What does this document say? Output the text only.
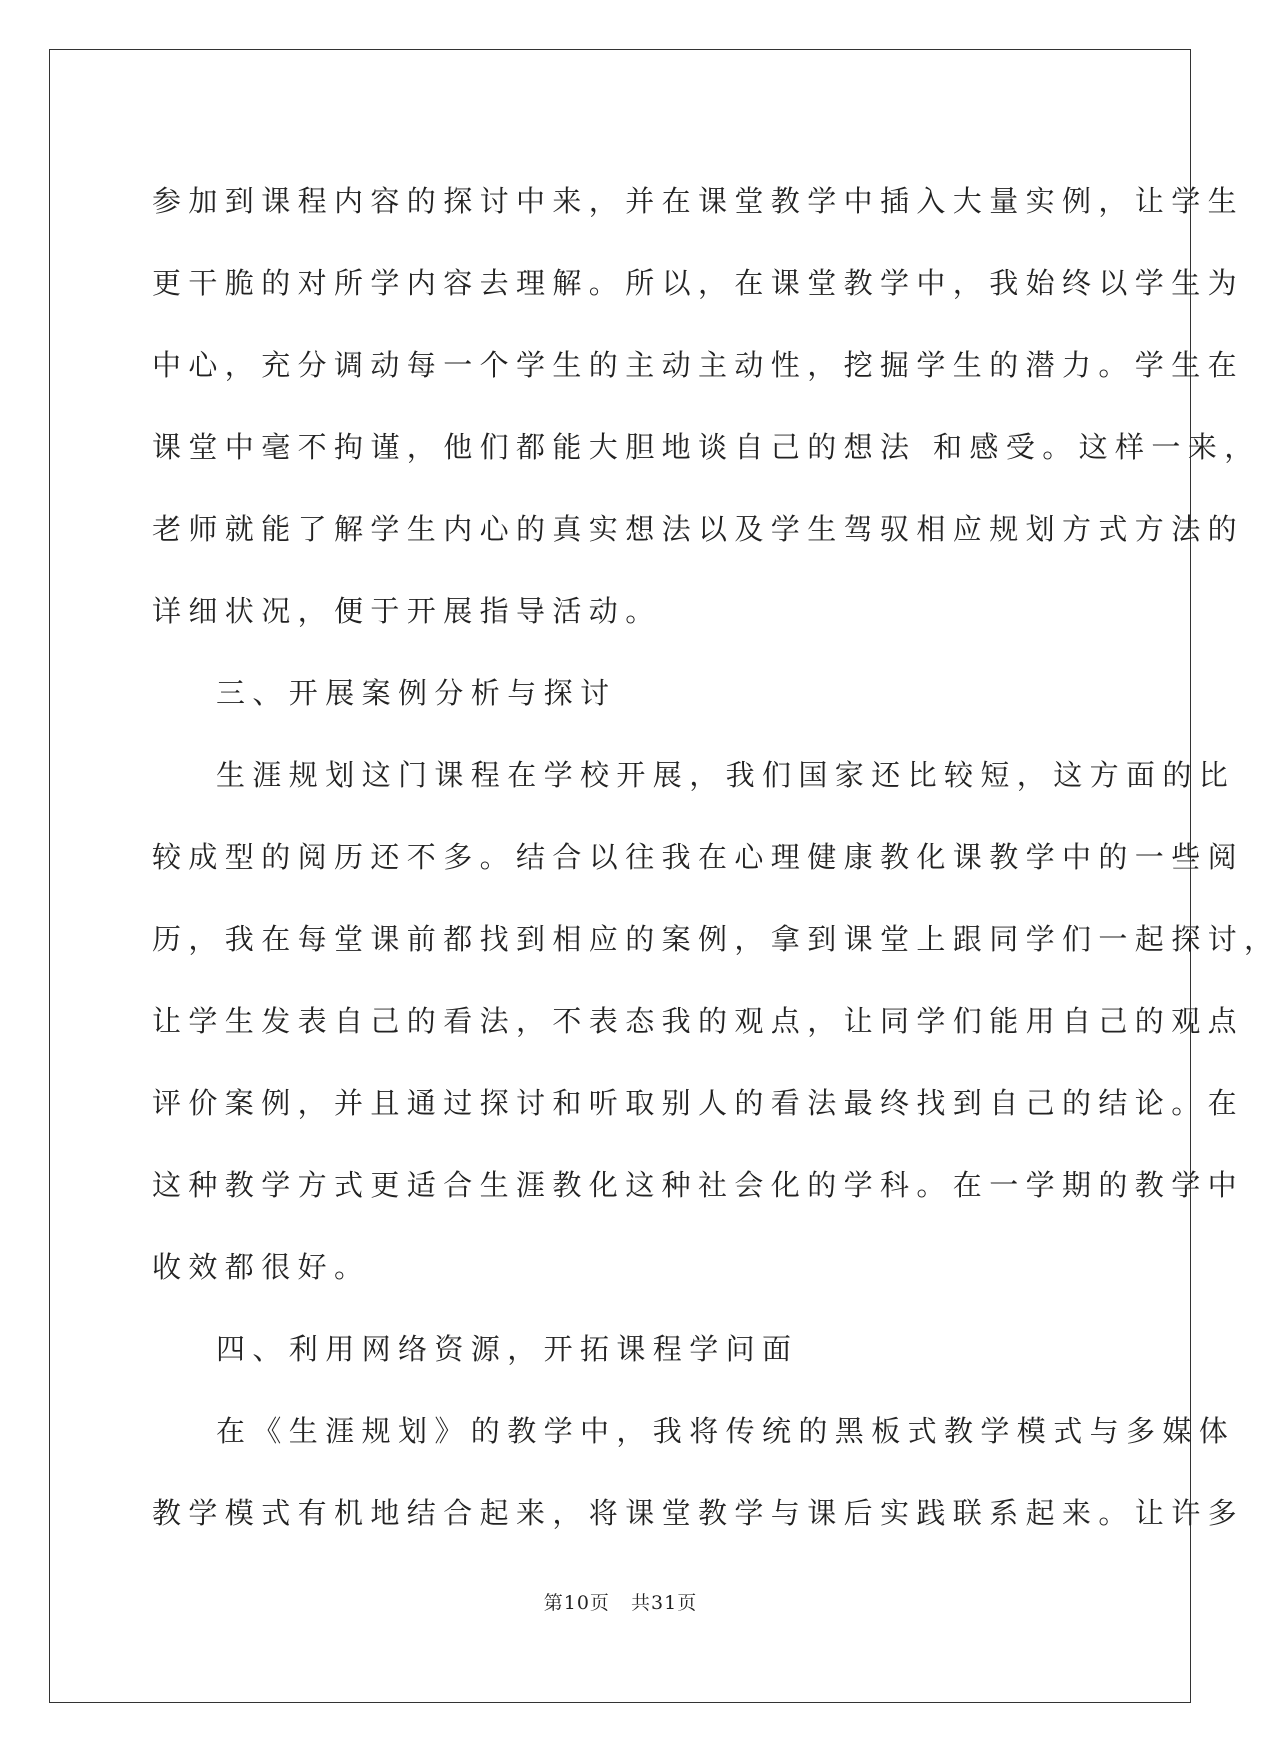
参加到课程内容的探讨中来，并在课堂教学中插入大量实例，让学生
更干脆的对所学内容去理解。所以，在课堂教学中，我始终以学生为
中心，充分调动每一个学生的主动主动性，挖掘学生的潜力。学生在
课堂中毫不拘谨，他们都能大胆地谈自己的想法 和感受。这样一来，
老师就能了解学生内心的真实想法以及学生驾驭相应规划方式方法的
详细状况，便于开展指导活动。
三、开展案例分析与探讨
生涯规划这门课程在学校开展，我们国家还比较短，这方面的比
较成型的阅历还不多。结合以往我在心理健康教化课教学中的一些阅
历，我在每堂课前都找到相应的案例，拿到课堂上跟同学们一起探讨，
让学生发表自己的看法，不表态我的观点，让同学们能用自己的观点
评价案例，并且通过探讨和听取别人的看法最终找到自己的结论。在
这种教学方式更适合生涯教化这种社会化的学科。在一学期的教学中
收效都很好。
四、利用网络资源，开拓课程学问面
在《生涯规划》的教学中，我将传统的黑板式教学模式与多媒体
教学模式有机地结合起来，将课堂教学与课后实践联系起来。让许多
第10页   共31页
